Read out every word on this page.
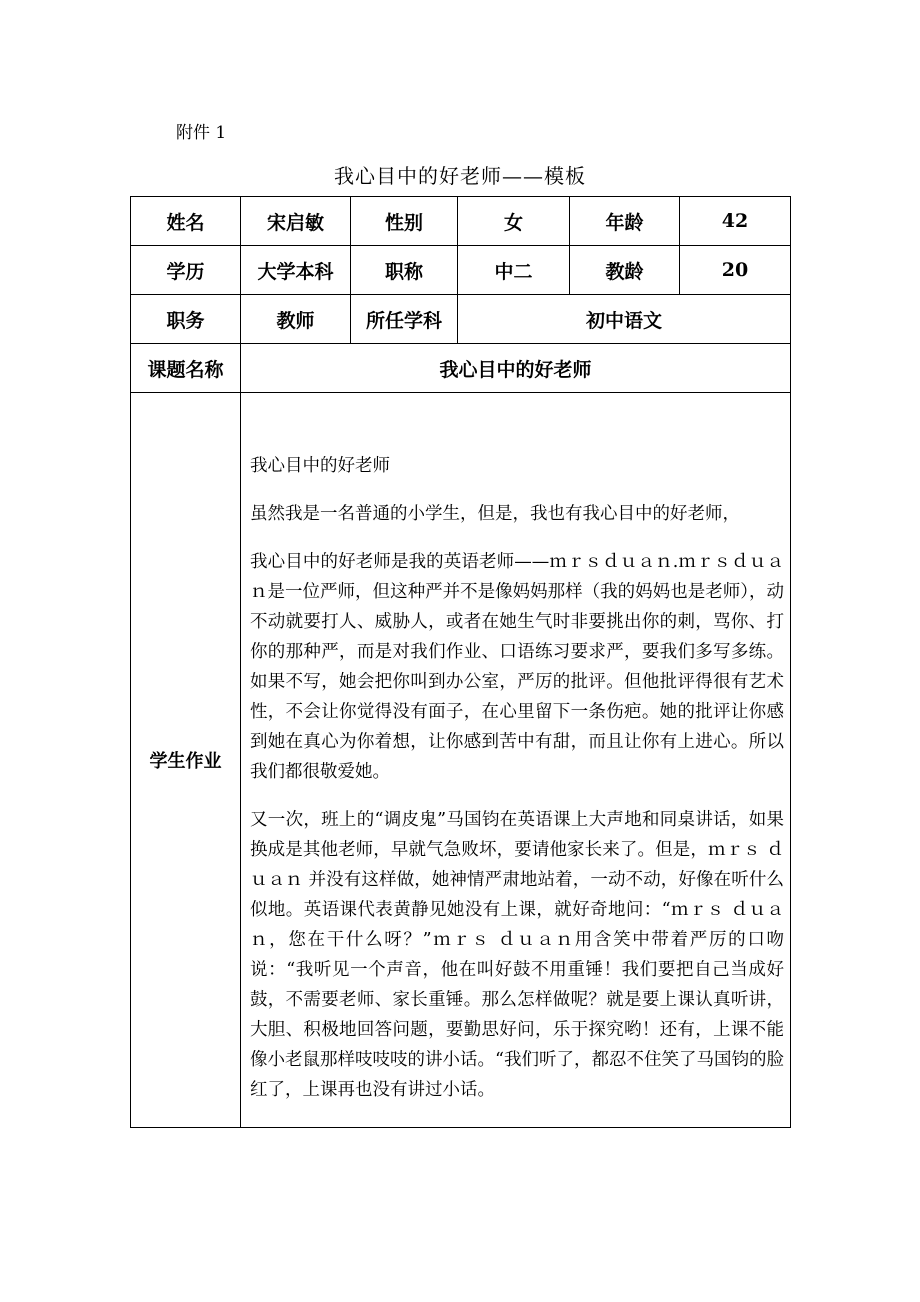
附件 1
我心目中的好老师——模板
姓名	宋启敏	性别	女	年龄	42
学历	大学本科	职称	中二	教龄	20
职务	教师	所任学科	初中语文		
课题名称	我心目中的好老师				
学生作业	我心目中的好老师

虽然我是一名普通的小学生，但是，我也有我心目中的好老师，

我心目中的好老师是我的英语老师——ｍｒｓｄｕａｎ.ｍｒｓｄｕａｎ是一位严师，但这种严并不是像妈妈那样（我的妈妈也是老师），动不动就要打人、威胁人，或者在她生气时非要挑出你的刺，骂你、打你的那种严，而是对我们作业、口语练习要求严，要我们多写多练。如果不写，她会把你叫到办公室，严厉的批评。但他批评得很有艺术性，不会让你觉得没有面子，在心里留下一条伤疤。她的批评让你感到她在真心为你着想，让你感到苦中有甜，而且让你有上进心。所以我们都很敬爱她。

又一次，班上的“调皮鬼”马国钧在英语课上大声地和同桌讲话，如果换成是其他老师，早就气急败坏，要请他家长来了。但是，ｍｒｓ ｄｕａｎ 并没有这样做，她神情严肃地站着，一动不动，好像在听什么似地。英语课代表黄静见她没有上课，就好奇地问：“ｍｒｓ ｄｕａｎ，您在干什么呀？”ｍｒｓ ｄｕａｎ用含笑中带着严厉的口吻说：“我听见一个声音，他在叫好鼓不用重锤！我们要把自己当成好鼓，不需要老师、家长重锤。那么怎样做呢？就是要上课认真听讲，大胆、积极地回答问题，要勤思好问，乐于探究哟！还有，上课不能像小老鼠那样吱吱吱的讲小话。“我们听了，都忍不住笑了马国钧的脸红了，上课再也没有讲过小话。				
